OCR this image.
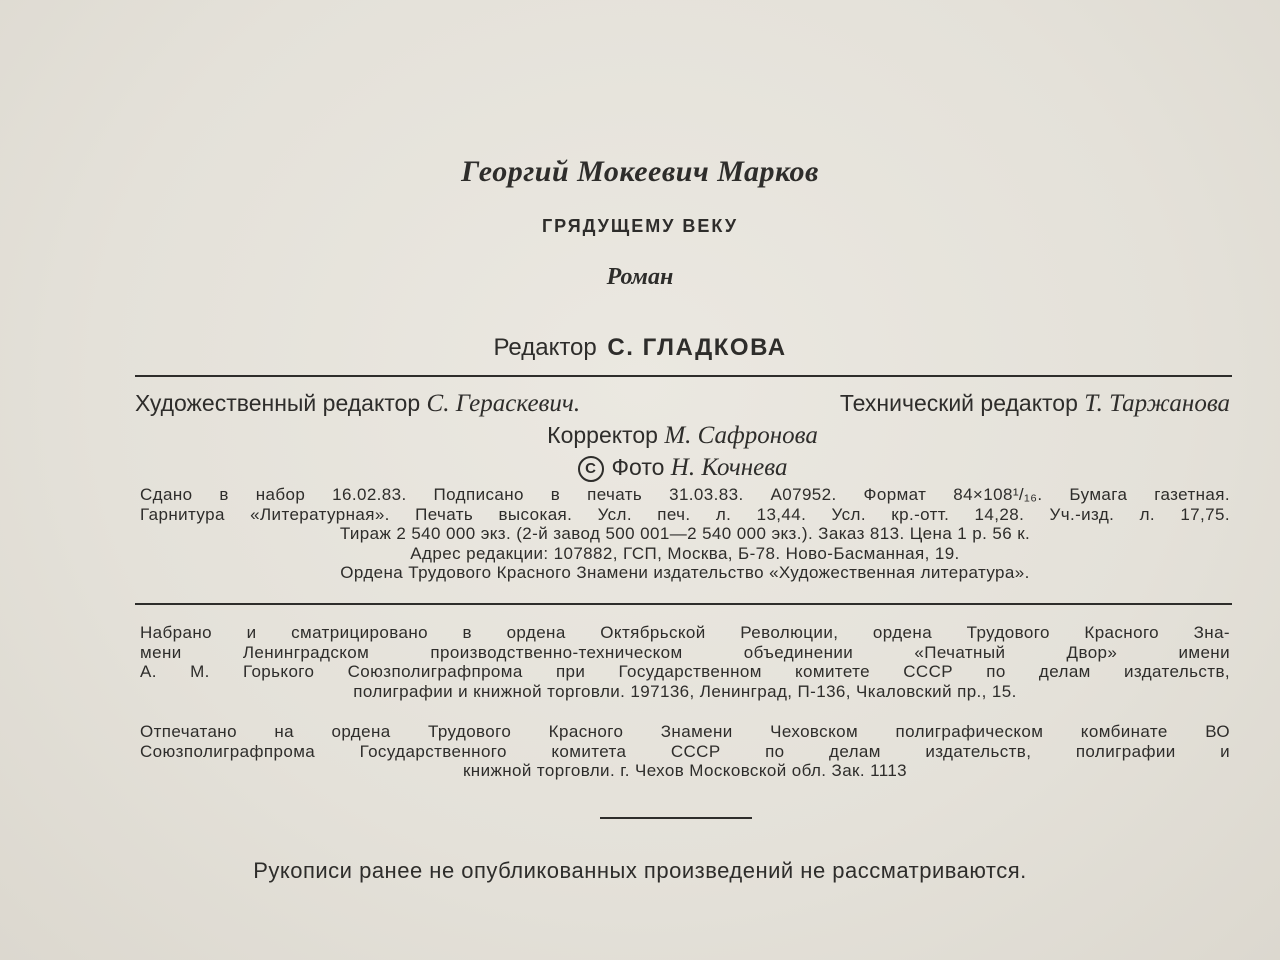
Георгий Мокеевич Марков
ГРЯДУЩЕМУ ВЕКУ
Роман
Редактор С. ГЛАДКОВА
Художественный редактор С. Гераскевич.	Технический редактор Т. Таржанова
Корректор М. Сафронова
С Фото Н. Кочнева

Сдано в набор 16.02.83. Подписано в печать 31.03.83. А07952. Формат 84×108¹/₁₆. Бумага газетная.

Гарнитура «Литературная». Печать высокая. Усл. печ. л. 13,44. Усл. кр.-отт. 14,28. Уч.-изд. л. 17,75.

Тираж 2 540 000 экз. (2-й завод 500 001—2 540 000 экз.). Заказ 813. Цена 1 р. 56 к.

Адрес редакции: 107882, ГСП, Москва, Б-78. Ново-Басманная, 19.

Ордена Трудового Красного Знамени издательство «Художественная литература».

Набрано и сматрицировано в ордена Октябрьской Революции, ордена Трудового Красного Зна-

мени Ленинградском производственно-техническом объединении «Печатный Двор» имени

А. М. Горького Союзполиграфпрома при Государственном комитете СССР по делам издательств,

полиграфии и книжной торговли. 197136, Ленинград, П-136, Чкаловский пр., 15.

Отпечатано на ордена Трудового Красного Знамени Чеховском полиграфическом комбинате ВО

Союзполиграфпрома Государственного комитета СССР по делам издательств, полиграфии и

книжной торговли. г. Чехов Московской обл. Зак. 1113

Рукописи ранее не опубликованных произведений не рассматриваются.
